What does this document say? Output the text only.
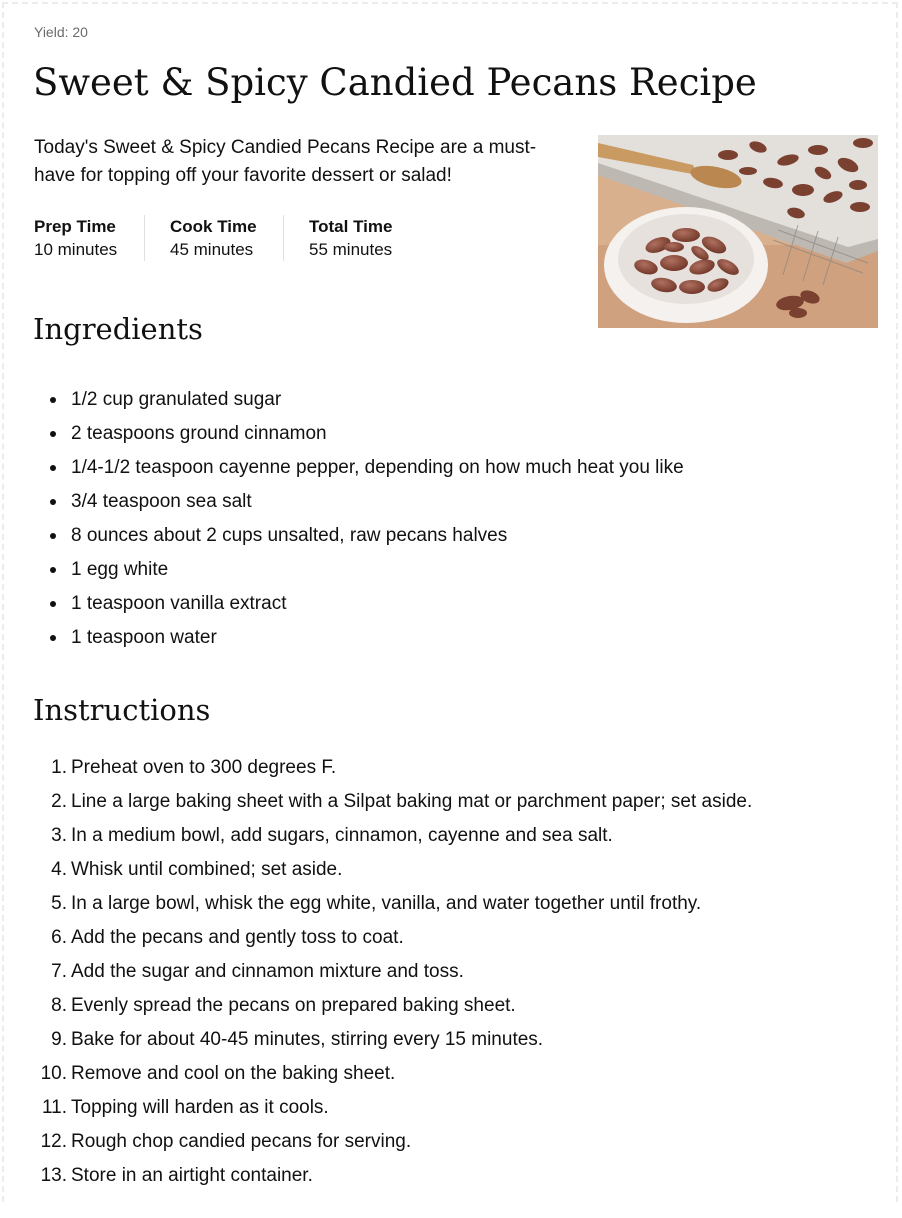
Yield: 20
Sweet & Spicy Candied Pecans Recipe

Today's Sweet & Spicy Candied Pecans Recipe are a must-have for topping off your favorite dessert or salad!

Prep Time
10 minutes
Cook Time
45 minutes
Total Time
55 minutes
Ingredients
1/2 cup granulated sugar
2 teaspoons ground cinnamon
1/4-1/2 teaspoon cayenne pepper, depending on how much heat you like
3/4 teaspoon sea salt
8 ounces about 2 cups unsalted, raw pecans halves
1 egg white
1 teaspoon vanilla extract
1 teaspoon water
Instructions
1. Preheat oven to 300 degrees F.
2. Line a large baking sheet with a Silpat baking mat or parchment paper; set aside.
3. In a medium bowl, add sugars, cinnamon, cayenne and sea salt.
4. Whisk until combined; set aside.
5. In a large bowl, whisk the egg white, vanilla, and water together until frothy.
6. Add the pecans and gently toss to coat.
7. Add the sugar and cinnamon mixture and toss.
8. Evenly spread the pecans on prepared baking sheet.
9. Bake for about 40-45 minutes, stirring every 15 minutes.
10. Remove and cool on the baking sheet.
11. Topping will harden as it cools.
12. Rough chop candied pecans for serving.
13. Store in an airtight container.
